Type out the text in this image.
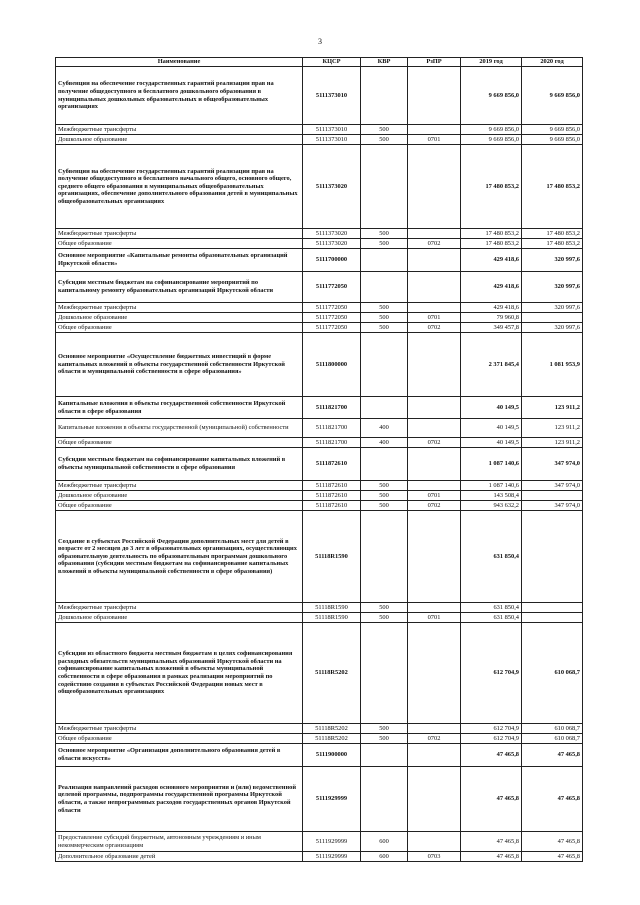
3
Наименование	КЦСР	КВР	РзПР	2019 год	2020 год
Субвенции на обеспечение государственных гарантий реализации прав на получение общедоступного и бесплатного дошкольного образования в муниципальных дошкольных образовательных и общеобразовательных организациях	5111373010			9 669 856,0	9 669 856,0
Межбюджетные трансферты	5111373010	500		9 669 856,0	9 669 856,0
Дошкольное образование	5111373010	500	0701	9 669 856,0	9 669 856,0
Субвенции на обеспечение государственных гарантий реализации прав на получение общедоступного и бесплатного начального общего, основного общего, среднего общего образования в муниципальных общеобразовательных организациях, обеспечение дополнительного образования детей в муниципальных общеобразовательных организациях	5111373020			17 480 853,2	17 480 853,2
Межбюджетные трансферты	5111373020	500		17 480 853,2	17 480 853,2
Общее образование	5111373020	500	0702	17 480 853,2	17 480 853,2
Основное мероприятие «Капитальные ремонты образовательных организаций Иркутской области»	5111700000			429 418,6	320 997,6
Субсидии местным бюджетам на софинансирование мероприятий по капитальному ремонту образовательных организаций Иркутской области	5111772050			429 418,6	320 997,6
Межбюджетные трансферты	5111772050	500		429 418,6	320 997,6
Дошкольное образование	5111772050	500	0701	79 960,8	
Общее образование	5111772050	500	0702	349 457,8	320 997,6
Основное мероприятие «Осуществление бюджетных инвестиций в форме капитальных вложений в объекты государственной собственности Иркутской области и муниципальной собственности в сфере образования»	5111800000			2 371 845,4	1 081 953,9
Капитальные вложения в объекты государственной собственности Иркутской области в сфере образования	5111821700			40 149,5	123 911,2
Капитальные вложения в объекты государственной (муниципальной) собственности	5111821700	400		40 149,5	123 911,2
Общее образование	5111821700	400	0702	40 149,5	123 911,2
Субсидии местным бюджетам на софинансирование капитальных вложений в объекты муниципальной собственности в сфере образования	5111872610			1 087 140,6	347 974,0
Межбюджетные трансферты	5111872610	500		1 087 140,6	347 974,0
Дошкольное образование	5111872610	500	0701	143 508,4	
Общее образование	5111872610	500	0702	943 632,2	347 974,0
Создание в субъектах Российской Федерации дополнительных мест для детей в возрасте от 2 месяцев до 3 лет в образовательных организациях, осуществляющих образовательную деятельность по образовательным программам дошкольного образования (субсидии местным бюджетам на софинансирование капитальных вложений в объекты муниципальной собственности в сфере образования)	51118R1590			631 850,4	
Межбюджетные трансферты	51118R1590	500		631 850,4	
Дошкольное образование	51118R1590	500	0701	631 850,4	
Субсидии из областного бюджета местным бюджетам в целях софинансирования расходных обязательств муниципальных образований Иркутской области на софинансирование капитальных вложений в объекты муниципальной собственности в сфере образования в рамках реализации мероприятий по содействию создания в субъектах Российской Федерации новых мест в общеобразовательных организациях	51118R5202			612 704,9	610 068,7
Межбюджетные трансферты	51118R5202	500		612 704,9	610 068,7
Общее образование	51118R5202	500	0702	612 704,9	610 068,7
Основное мероприятие «Организация дополнительного образования детей в области искусств»	5111900000			47 465,8	47 465,8
Реализация направлений расходов основного мероприятия и (или) ведомственной целевой программы, подпрограммы государственной программы Иркутской области, а также непрограммных расходов государственных органов Иркутской области	5111929999			47 465,8	47 465,8
Предоставление субсидий бюджетным, автономным учреждениям и иным некоммерческим организациям	5111929999	600		47 465,8	47 465,8
Дополнительное образование детей	5111929999	600	0703	47 465,8	47 465,8
